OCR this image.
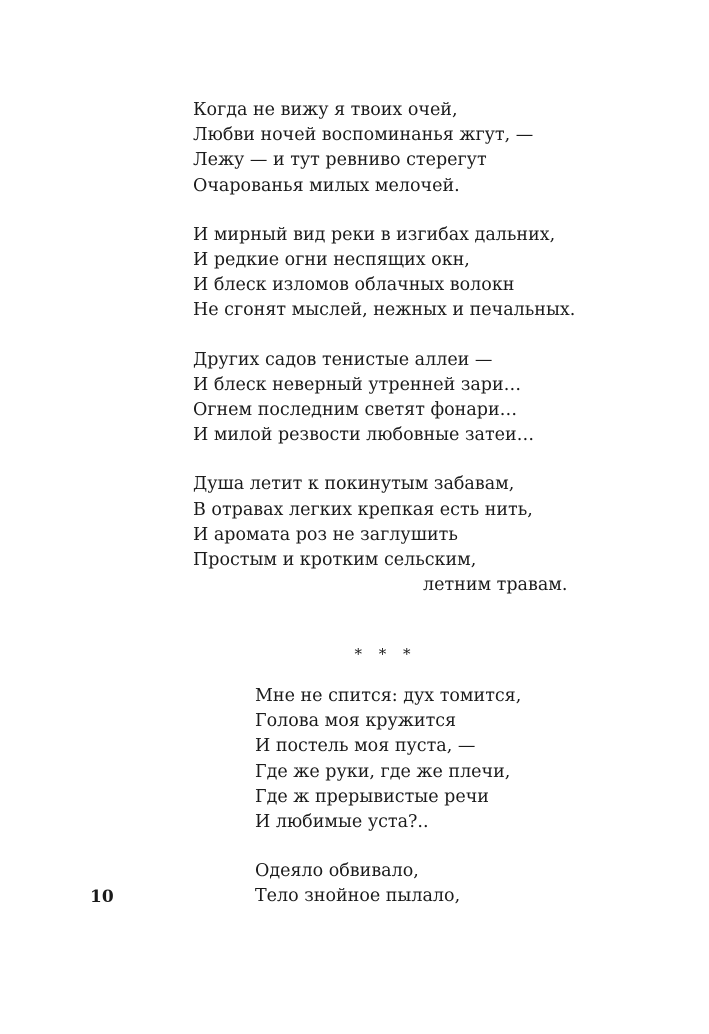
Когда не вижу я твоих очей,
Любви ночей воспоминанья жгут, —
Лежу — и тут ревниво стерегут
Очарованья милых мелочей.
И мирный вид реки в изгибах дальних,
И редкие огни неспящих окн,
И блеск изломов облачных волокн
Не сгонят мыслей, нежных и печальных.
Других садов тенистые аллеи —
И блеск неверный утренней зари…
Огнем последним светят фонари…
И милой резвости любовные затеи…
Душа летит к покинутым забавам,
В отравах легких крепкая есть нить,
И аромата роз не заглушить
Простым и кротким сельским,
летним травам.
* * *
Мне не спится: дух томится,
Голова моя кружится
И постель моя пуста, —
Где же руки, где же плечи,
Где ж прерывистые речи
И любимые уста?..
Одеяло обвивало,
Тело знойное пылало,
10
